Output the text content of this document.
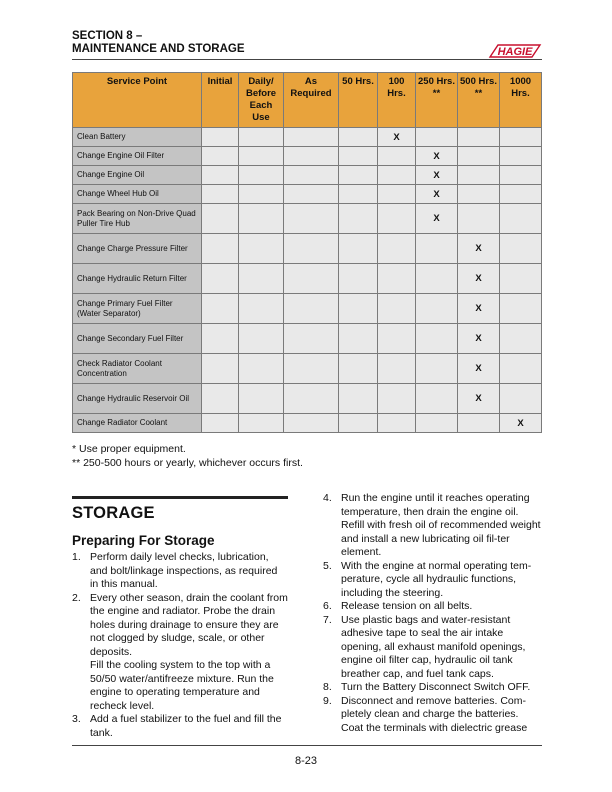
SECTION 8 –
MAINTENANCE AND STORAGE	HAGIE
Service Point	Initial	Daily/ Before Each Use	As Required	50 Hrs.	100 Hrs.	250 Hrs. **	500 Hrs. **	1000 Hrs.
Clean Battery					X			
Change Engine Oil Filter						X		
Change Engine Oil						X		
Change Wheel Hub Oil						X		
Pack Bearing on Non-Drive Quad Puller Tire Hub						X		
Change Charge Pressure Filter							X	
Change Hydraulic Return Filter							X	
Change Primary Fuel Filter (Water Separator)							X	
Change Secondary Fuel Filter							X	
Check Radiator Coolant Concentration							X	
Change Hydraulic Reservoir Oil							X	
Change Radiator Coolant								X
* Use proper equipment.
** 250-500 hours or yearly, whichever occurs first.
STORAGE
Preparing For Storage
1. Perform daily level checks, lubrication, and bolt/linkage inspections, as required in this manual.

2. Every other season, drain the coolant from the engine and radiator. Probe the drain holes during drainage to ensure they are not clogged by sludge, scale, or other deposits.

Fill the cooling system to the top with a 50/50 water/antifreeze mixture. Run the engine to operating temperature and recheck level.

3. Add a fuel stabilizer to the fuel and fill the tank.

4. Run the engine until it reaches operating temperature, then drain the engine oil. Refill with fresh oil of recommended weight and install a new lubricating oil fil-ter element.

5. With the engine at normal operating tem-perature, cycle all hydraulic functions, including the steering.

6. Release tension on all belts.

7. Use plastic bags and water-resistant adhesive tape to seal the air intake opening, all exhaust manifold openings, engine oil filter cap, hydraulic oil tank breather cap, and fuel tank caps.

8. Turn the Battery Disconnect Switch OFF.

9. Disconnect and remove batteries. Com-pletely clean and charge the batteries. Coat the terminals with dielectric grease

8-23
